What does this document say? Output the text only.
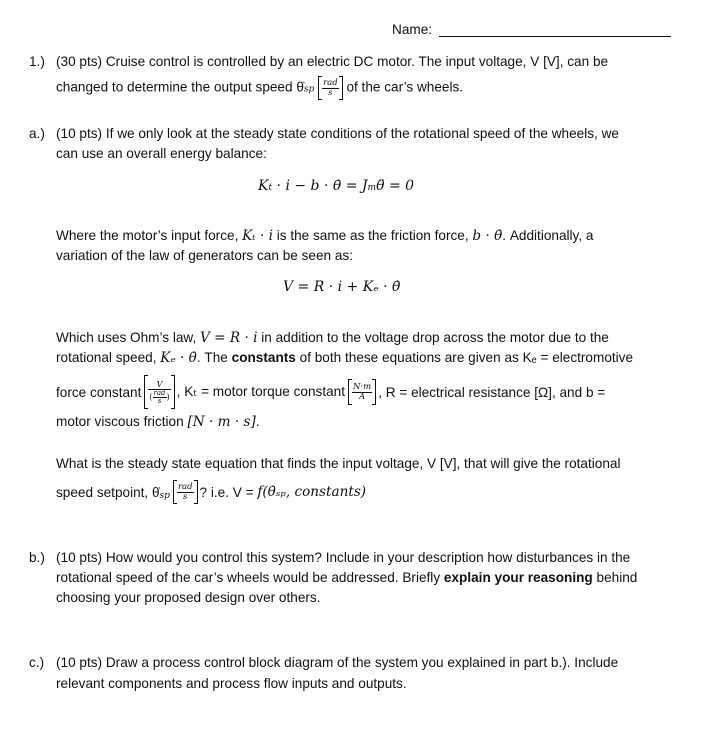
Name:
1.) (30 pts) Cruise control is controlled by an electric DC motor. The input voltage, V [V], can be
changed to determine the output speed θ̇sp $\frac{\text{rad}}{s}$ of the car’s wheels.
a.) (10 pts) If we only look at the steady state conditions of the rotational speed of the wheels, we
can use an overall energy balance:
Kt · i − b · θ̇ = Jmθ̈ = 0
Where the motor’s input force, Kₜ · i is the same as the friction force, b · θ̇. Additionally, a
variation of the law of generators can be seen as:
V = R · i + Kₑ · θ̇
Which uses Ohm’s law, V = R · i in addition to the voltage drop across the motor due to the
rotational speed, Kₑ · θ̇. The constants of both these equations are given as Kₑ = electromotive
force constant $\frac{V}{( \frac{\text{rad}}{s} )}$ , Kₜ = motor torque constant $\frac{N\cdot m}{A}$ , R = electrical resistance [Ω], and b =
motor viscous friction [N · m · s].
What is the steady state equation that finds the input voltage, V [V], that will give the rotational
speed setpoint, θ̇ sp $\frac{\text{rad}}{s}$ ? i.e. V =
f(θ̇ₛₚ, constants)
b.) (10 pts) How would you control this system? Include in your description how disturbances in the
rotational speed of the car’s wheels would be addressed. Briefly explain your reasoning behind
choosing your proposed design over others.
c.) (10 pts) Draw a process control block diagram of the system you explained in part b.). Include
relevant components and process flow inputs and outputs.
